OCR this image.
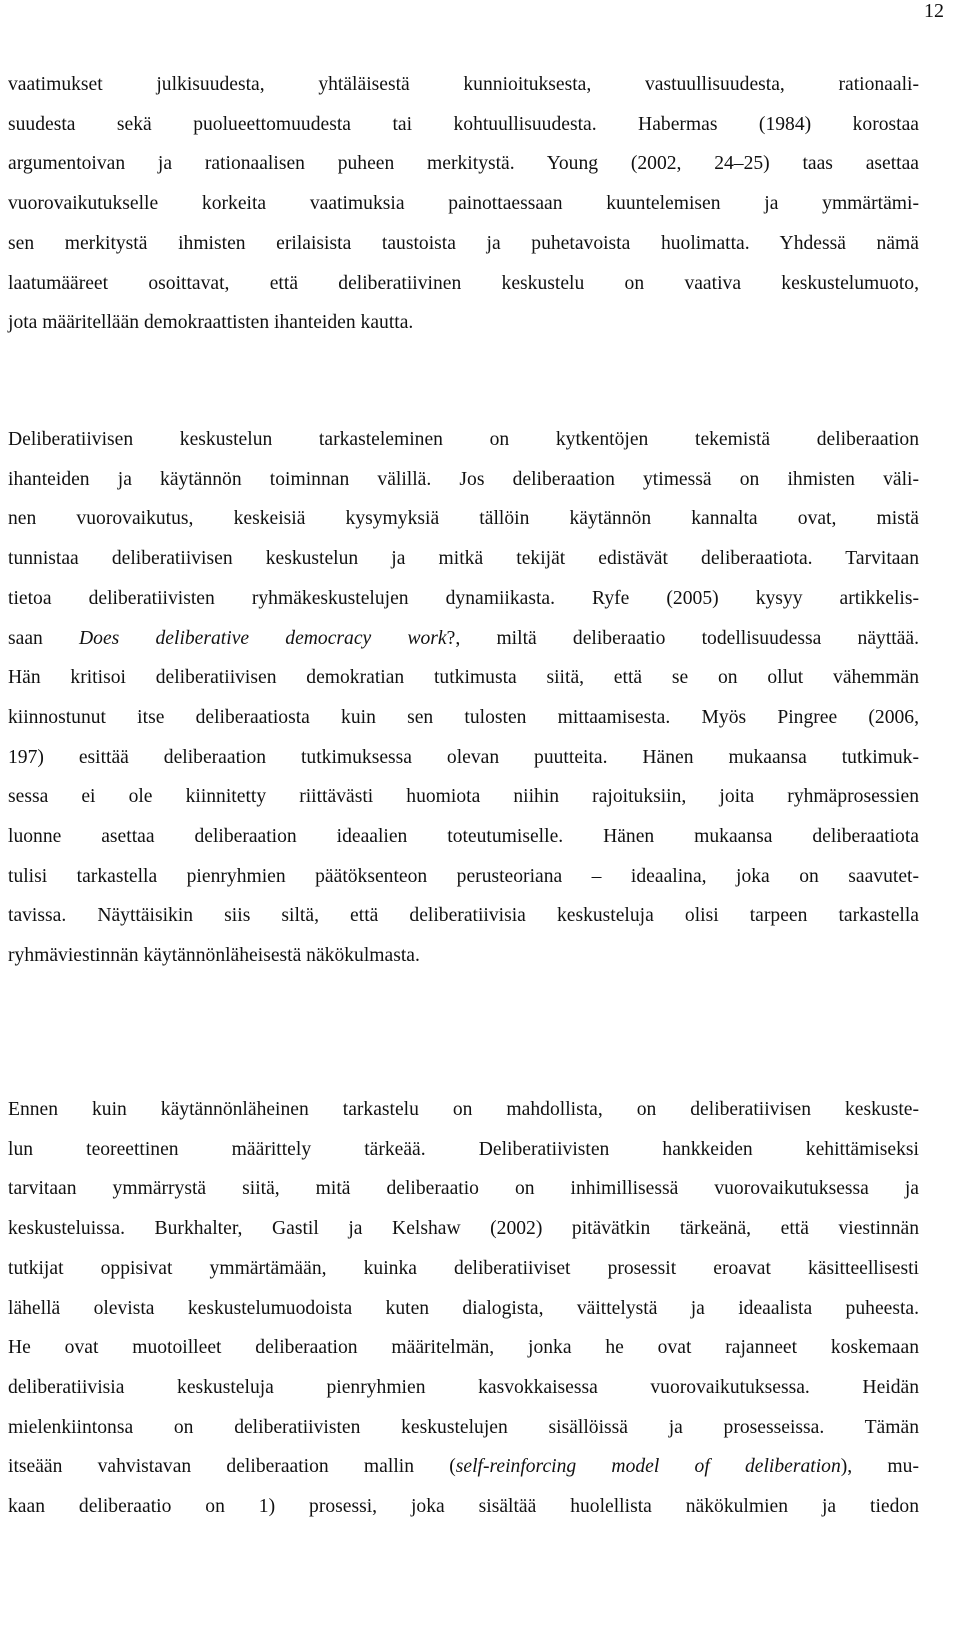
12
vaatimukset julkisuudesta, yhtäläisestä kunnioituksesta, vastuullisuudesta, rationaali-
suudesta sekä puolueettomuudesta tai kohtuullisuudesta. Habermas (1984) korostaa
argumentoivan ja rationaalisen puheen merkitystä. Young (2002, 24–25) taas asettaa
vuorovaikutukselle korkeita vaatimuksia painottaessaan kuuntelemisen ja ymmärtämi-
sen merkitystä ihmisten erilaisista taustoista ja puhetavoista huolimatta. Yhdessä nämä
laatumääreet osoittavat, että deliberatiivinen keskustelu on vaativa keskustelumuoto,
jota määritellään demokraattisten ihanteiden kautta.
Deliberatiivisen keskustelun tarkasteleminen on kytkentöjen tekemistä deliberaation
ihanteiden ja käytännön toiminnan välillä. Jos deliberaation ytimessä on ihmisten väli-
nen vuorovaikutus, keskeisiä kysymyksiä tällöin käytännön kannalta ovat, mistä
tunnistaa deliberatiivisen keskustelun ja mitkä tekijät edistävät deliberaatiota. Tarvitaan
tietoa deliberatiivisten ryhmäkeskustelujen dynamiikasta. Ryfe (2005) kysyy artikkelis-
saan Does deliberative democracy work?, miltä deliberaatio todellisuudessa näyttää.
Hän kritisoi deliberatiivisen demokratian tutkimusta siitä, että se on ollut vähemmän
kiinnostunut itse deliberaatiosta kuin sen tulosten mittaamisesta. Myös Pingree (2006,
197) esittää deliberaation tutkimuksessa olevan puutteita. Hänen mukaansa tutkimuk-
sessa ei ole kiinnitetty riittävästi huomiota niihin rajoituksiin, joita ryhmäprosessien
luonne asettaa deliberaation ideaalien toteutumiselle. Hänen mukaansa deliberaatiota
tulisi tarkastella pienryhmien päätöksenteon perusteoriana – ideaalina, joka on saavutet-
tavissa. Näyttäisikin siis siltä, että deliberatiivisia keskusteluja olisi tarpeen tarkastella
ryhmäviestinnän käytännönläheisestä näkökulmasta.
Ennen kuin käytännönläheinen tarkastelu on mahdollista, on deliberatiivisen keskuste-
lun teoreettinen määrittely tärkeää. Deliberatiivisten hankkeiden kehittämiseksi
tarvitaan ymmärrystä siitä, mitä deliberaatio on inhimillisessä vuorovaikutuksessa ja
keskusteluissa. Burkhalter, Gastil ja Kelshaw (2002) pitävätkin tärkeänä, että viestinnän
tutkijat oppisivat ymmärtämään, kuinka deliberatiiviset prosessit eroavat käsitteellisesti
lähellä olevista keskustelumuodoista kuten dialogista, väittelystä ja ideaalista puheesta.
He ovat muotoilleet deliberaation määritelmän, jonka he ovat rajanneet koskemaan
deliberatiivisia keskusteluja pienryhmien kasvokkaisessa vuorovaikutuksessa. Heidän
mielenkiintonsa on deliberatiivisten keskustelujen sisällöissä ja prosesseissa. Tämän
itseään vahvistavan deliberaation mallin (self-reinforcing model of deliberation), mu-
kaan deliberaatio on 1) prosessi, joka sisältää huolellista näkökulmien ja tiedon
